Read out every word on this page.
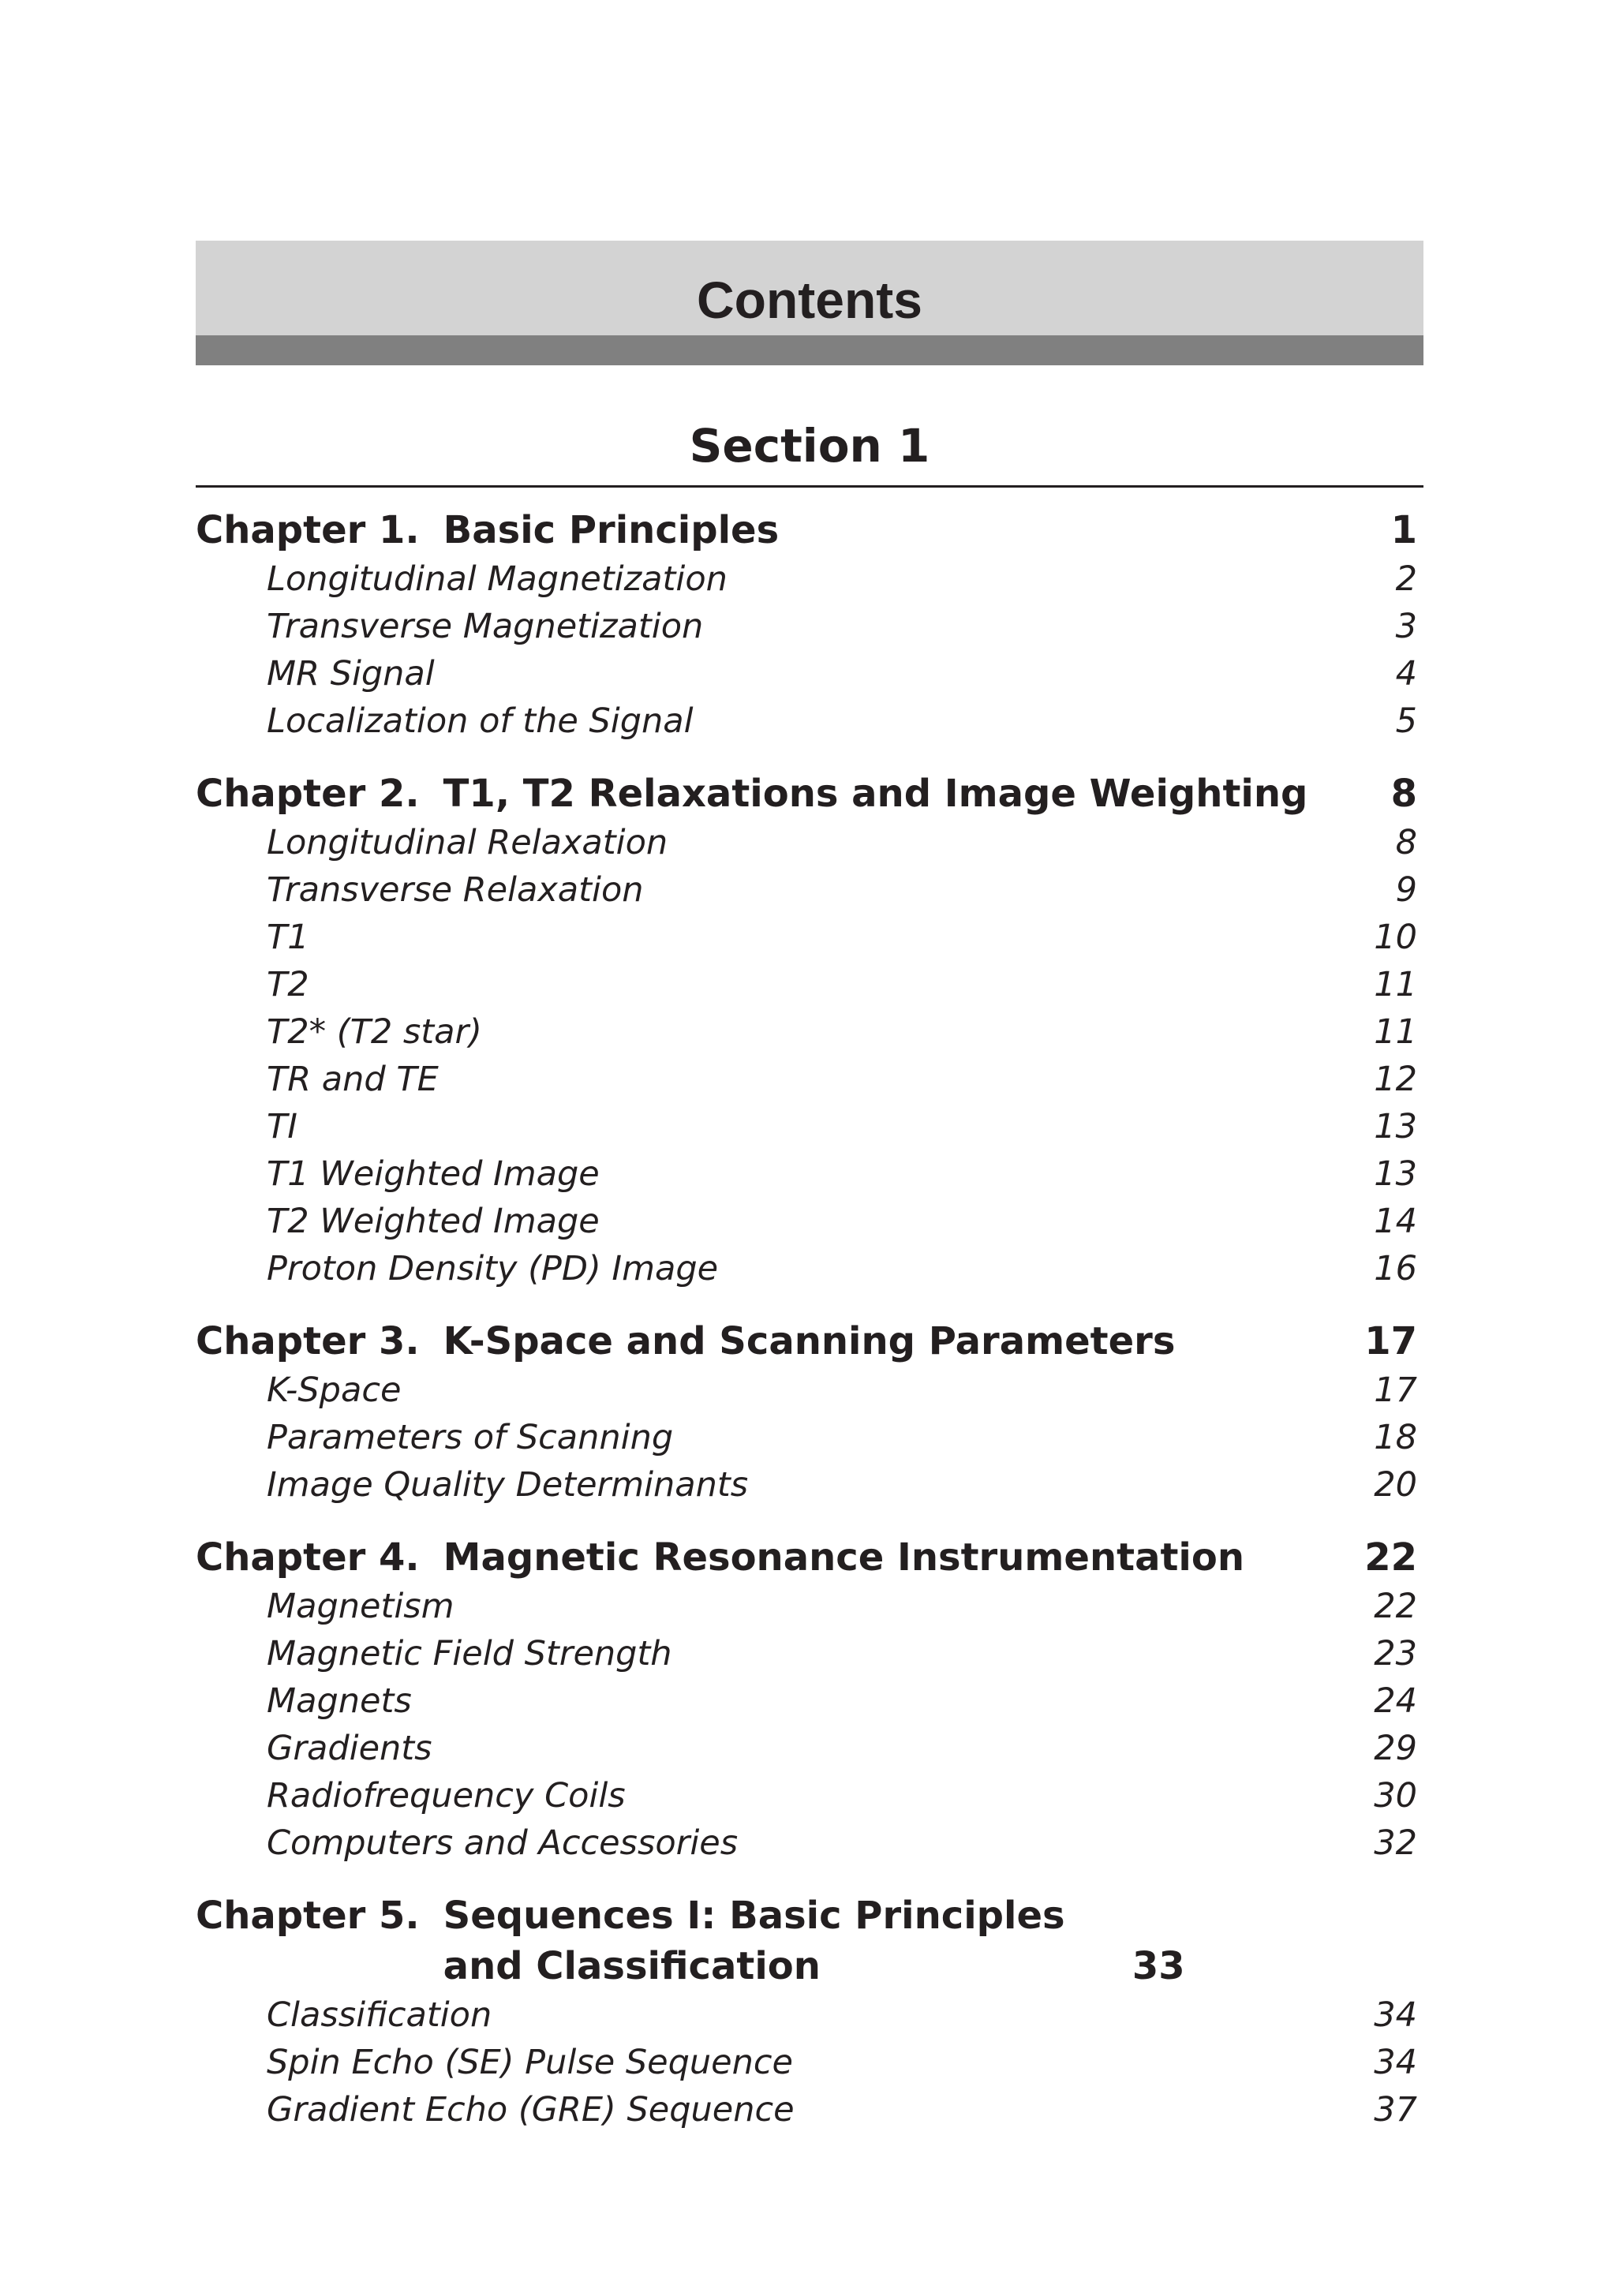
Contents
Section 1
Chapter 1. Basic Principles	1
Longitudinal Magnetization	2
Transverse Magnetization	3
MR Signal	4
Localization of the Signal	5
Chapter 2. T1, T2 Relaxations and Image Weighting	8
Longitudinal Relaxation	8
Transverse Relaxation	9
T1	10
T2	11
T2* (T2 star)	11
TR and TE	12
TI	13
T1 Weighted Image	13
T2 Weighted Image	14
Proton Density (PD) Image	16
Chapter 3. K-Space and Scanning Parameters	17
K-Space	17
Parameters of Scanning	18
Image Quality Determinants	20
Chapter 4. Magnetic Resonance Instrumentation	22
Magnetism	22
Magnetic Field Strength	23
Magnets	24
Gradients	29
Radiofrequency Coils	30
Computers and Accessories	32
Chapter 5. Sequences I: Basic Principles and Classification	33
Classification	34
Spin Echo (SE) Pulse Sequence	34
Gradient Echo (GRE) Sequence	37
